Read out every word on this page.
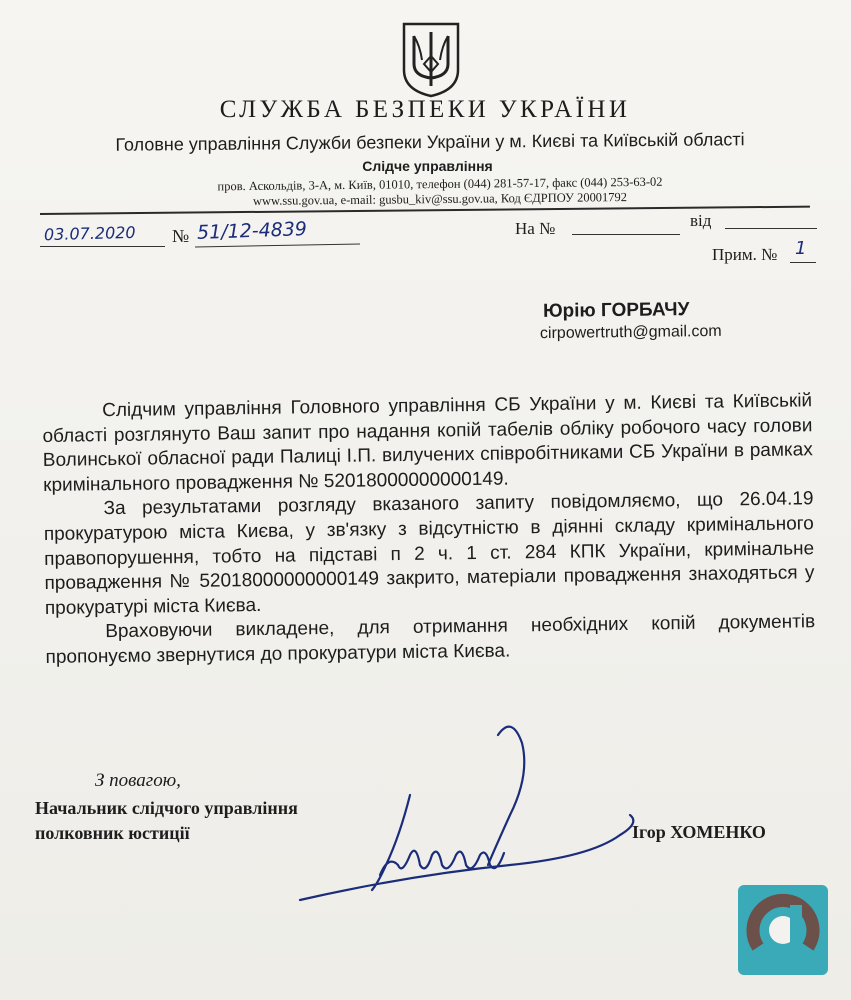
СЛУЖБА БЕЗПЕКИ УКРАЇНИ
Головне управління Служби безпеки України у м. Києві та Київській області
Слідче управління
пров. Аскольдів, 3-А, м. Київ, 01010, телефон (044) 281-57-17, факс (044) 253-63-02
www.ssu.gov.ua, e-mail: gusbu_kiv@ssu.gov.ua, Код ЄДРПОУ 20001792
03.07.2020 № 51/12-4839	На №	від
Прим. № 1
Юрію ГОРБАЧУ
cirpowertruth@gmail.com

Слідчим управління Головного управління СБ України у м. Києві та Київській області розглянуто Ваш запит про надання копій табелів обліку робочого часу голови Волинської обласної ради Палиці І.П. вилучених співробітниками СБ України в рамках кримінального провадження № 52018000000000149.

За результатами розгляду вказаного запиту повідомляємо, що 26.04.19 прокуратурою міста Києва, у зв'язку з відсутністю в діянні складу кримінального правопорушення, тобто на підставі п 2 ч. 1 ст. 284 КПК України, кримінальне провадження № 52018000000000149 закрито, матеріали провадження знаходяться у прокуратурі міста Києва.

Враховуючи викладене, для отримання необхідних копій документів пропонуємо звернутися до прокуратури міста Києва.

З повагою,
Начальник слідчого управління
полковник юстиції	Ігор ХОМЕНКО
